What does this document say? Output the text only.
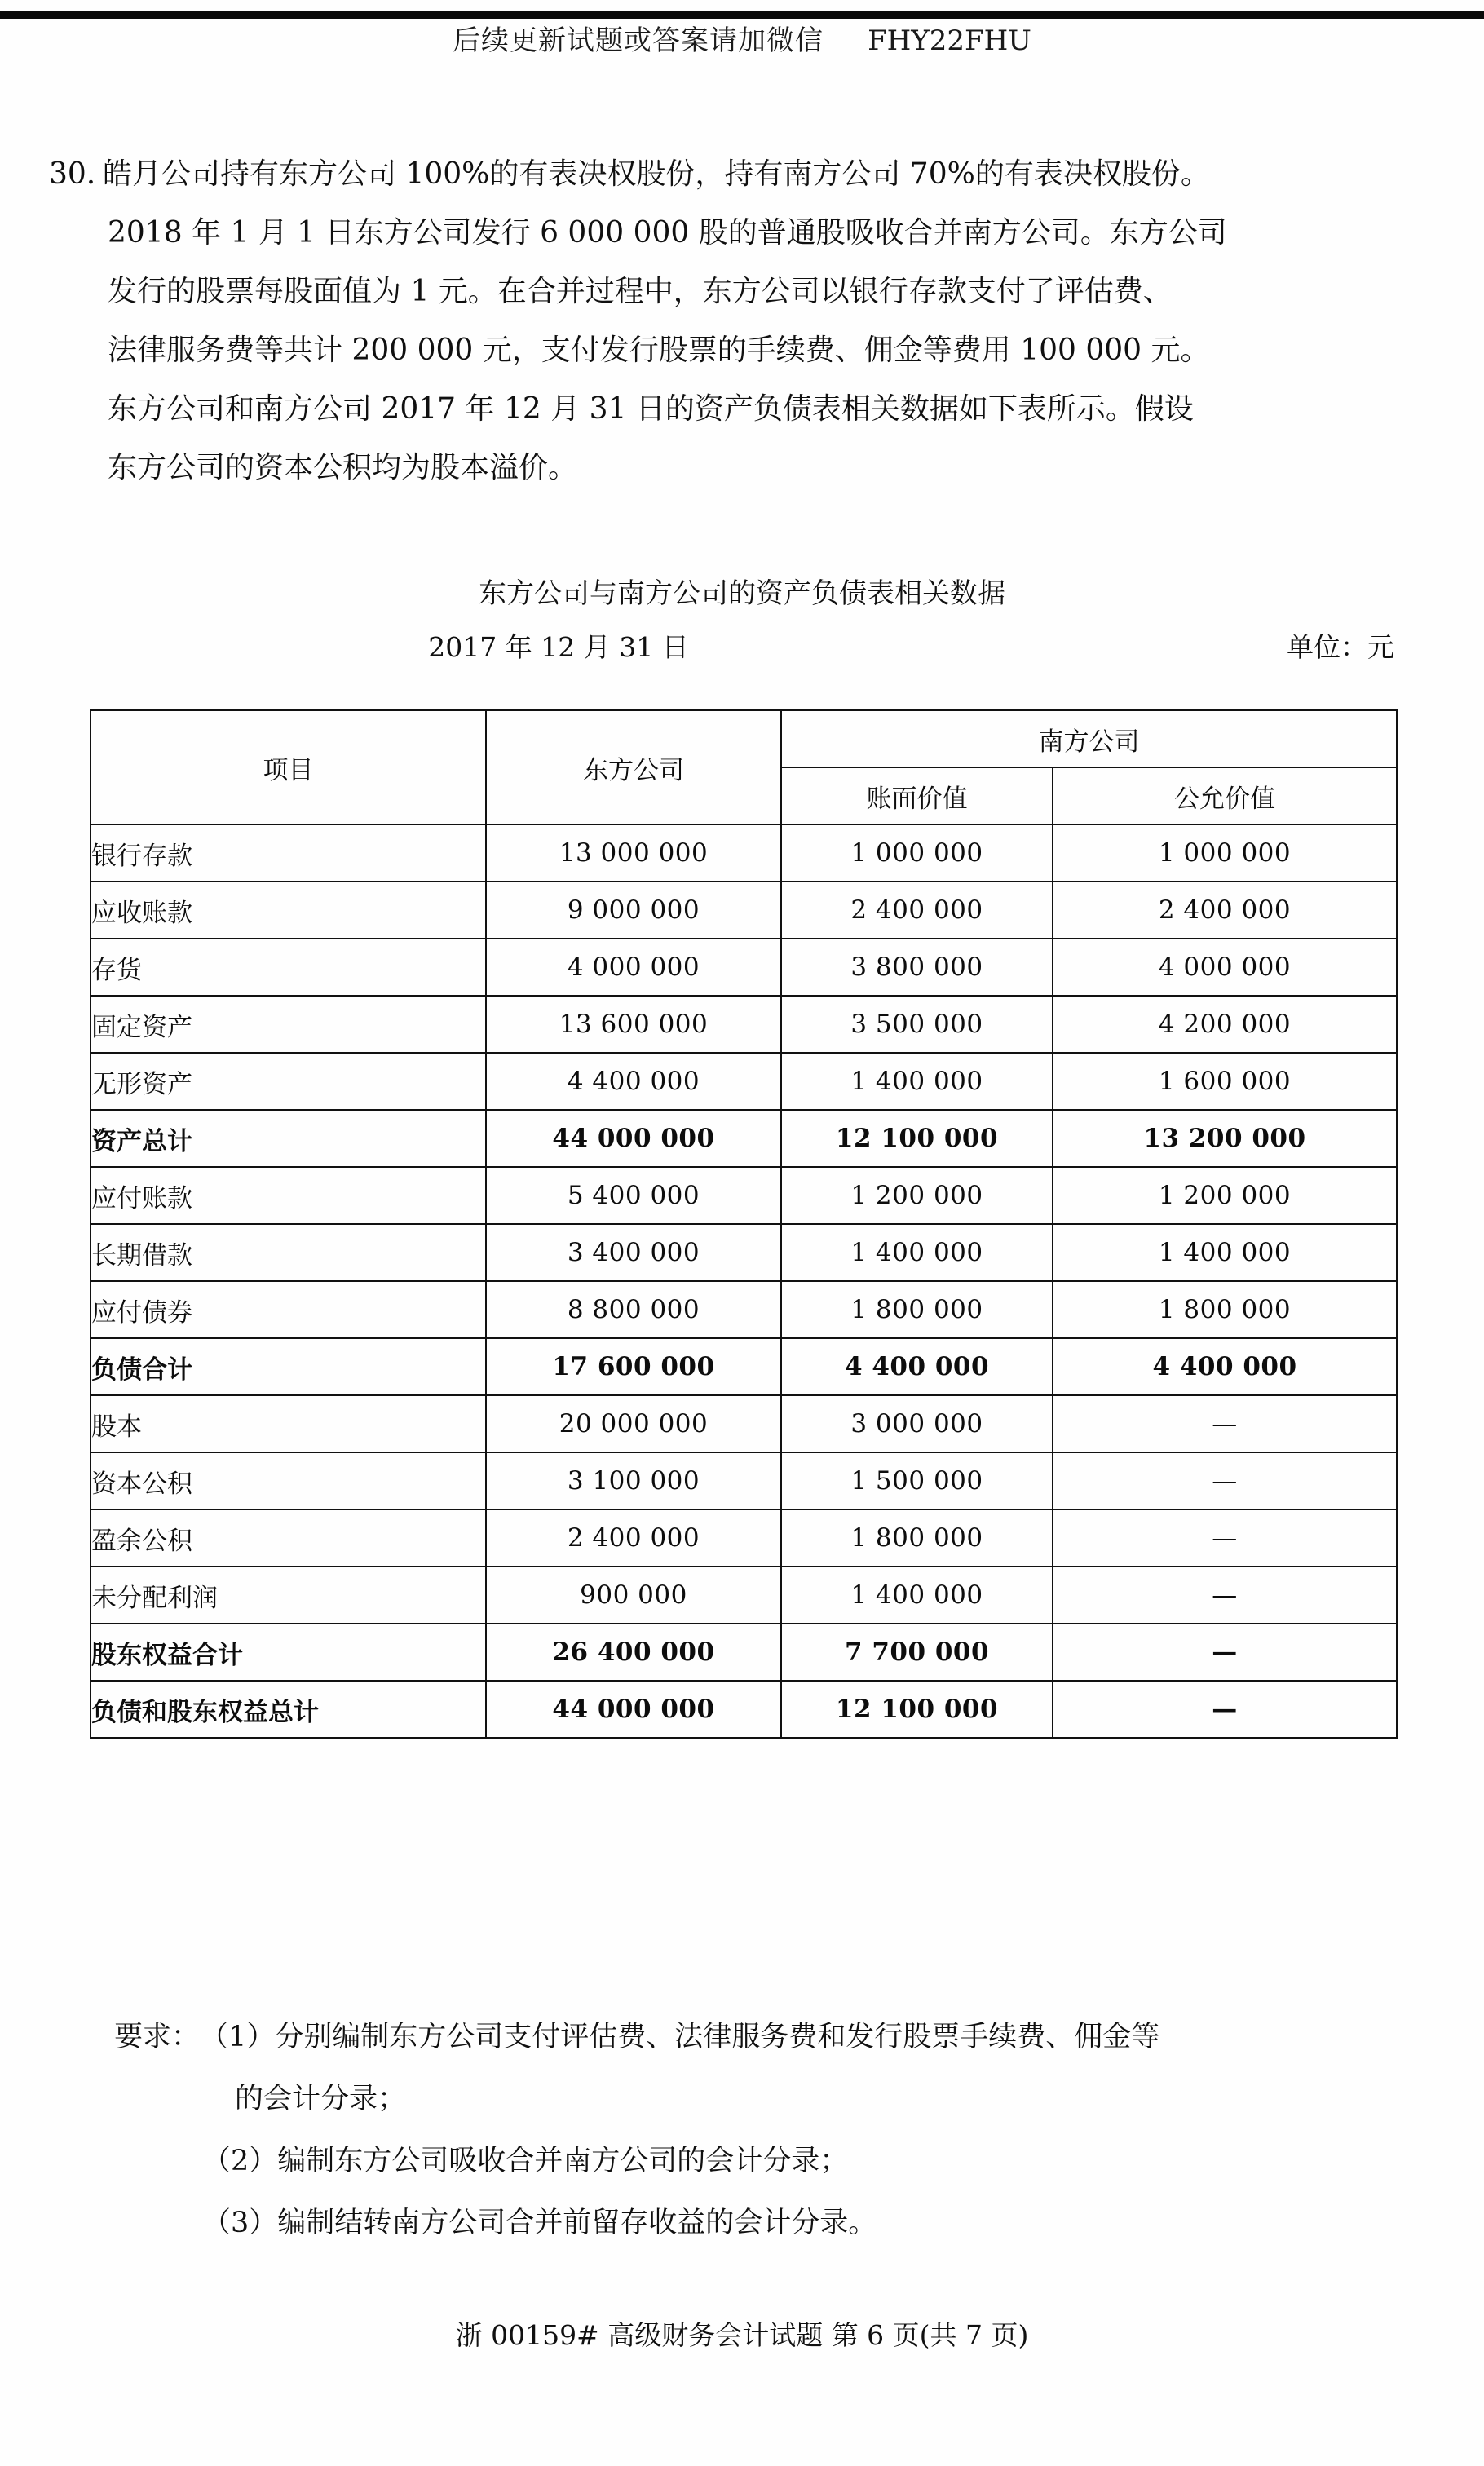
后续更新试题或答案请加微信 FHY22FHU
30. 皓月公司持有东方公司 100%的有表决权股份，持有南方公司 70%的有表决权股份。
2018 年 1 月 1 日东方公司发行 6 000 000 股的普通股吸收合并南方公司。东方公司
发行的股票每股面值为 1 元。在合并过程中，东方公司以银行存款支付了评估费、
法律服务费等共计 200 000 元，支付发行股票的手续费、佣金等费用 100 000 元。
东方公司和南方公司 2017 年 12 月 31 日的资产负债表相关数据如下表所示。假设
东方公司的资本公积均为股本溢价。
东方公司与南方公司的资产负债表相关数据
2017 年 12 月 31 日	单位：元
项目	东方公司	南方公司	
		账面价值	公允价值
银行存款	13 000 000	1 000 000	1 000 000
应收账款	9 000 000	2 400 000	2 400 000
存货	4 000 000	3 800 000	4 000 000
固定资产	13 600 000	3 500 000	4 200 000
无形资产	4 400 000	1 400 000	1 600 000
资产总计	44 000 000	12 100 000	13 200 000
应付账款	5 400 000	1 200 000	1 200 000
长期借款	3 400 000	1 400 000	1 400 000
应付债券	8 800 000	1 800 000	1 800 000
负债合计	17 600 000	4 400 000	4 400 000
股本	20 000 000	3 000 000	—
资本公积	3 100 000	1 500 000	—
盈余公积	2 400 000	1 800 000	—
未分配利润	900 000	1 400 000	—
股东权益合计	26 400 000	7 700 000	—
负债和股东权益总计	44 000 000	12 100 000	—
要求：（1）分别编制东方公司支付评估费、法律服务费和发行股票手续费、佣金等
的会计分录；
（2）编制东方公司吸收合并南方公司的会计分录；
（3）编制结转南方公司合并前留存收益的会计分录。
浙 00159# 高级财务会计试题 第 6 页(共 7 页)
